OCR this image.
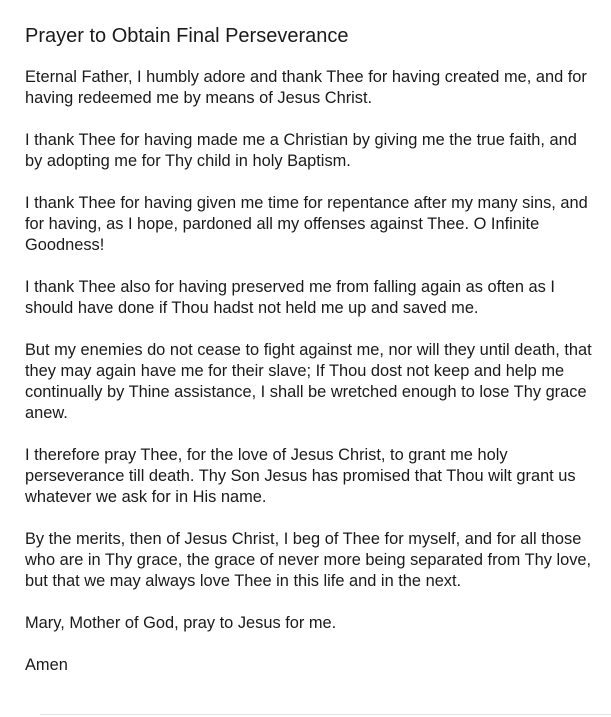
Prayer to Obtain Final Perseverance

Eternal Father, I humbly adore and thank Thee for having created me, and for having redeemed me by means of Jesus Christ.

I thank Thee for having made me a Christian by giving me the true faith, and by adopting me for Thy child in holy Baptism.

I thank Thee for having given me time for repentance after my many sins, and for having, as I hope, pardoned all my offenses against Thee. O Infinite Goodness!

I thank Thee also for having preserved me from falling again as often as I should have done if Thou hadst not held me up and saved me.

But my enemies do not cease to fight against me, nor will they until death, that they may again have me for their slave; If Thou dost not keep and help me continually by Thine assistance, I shall be wretched enough to lose Thy grace anew.

I therefore pray Thee, for the love of Jesus Christ, to grant me holy perseverance till death. Thy Son Jesus has promised that Thou wilt grant us whatever we ask for in His name.

By the merits, then of Jesus Christ, I beg of Thee for myself, and for all those who are in Thy grace, the grace of never more being separated from Thy love, but that we may always love Thee in this life and in the next.

Mary, Mother of God, pray to Jesus for me.

Amen
